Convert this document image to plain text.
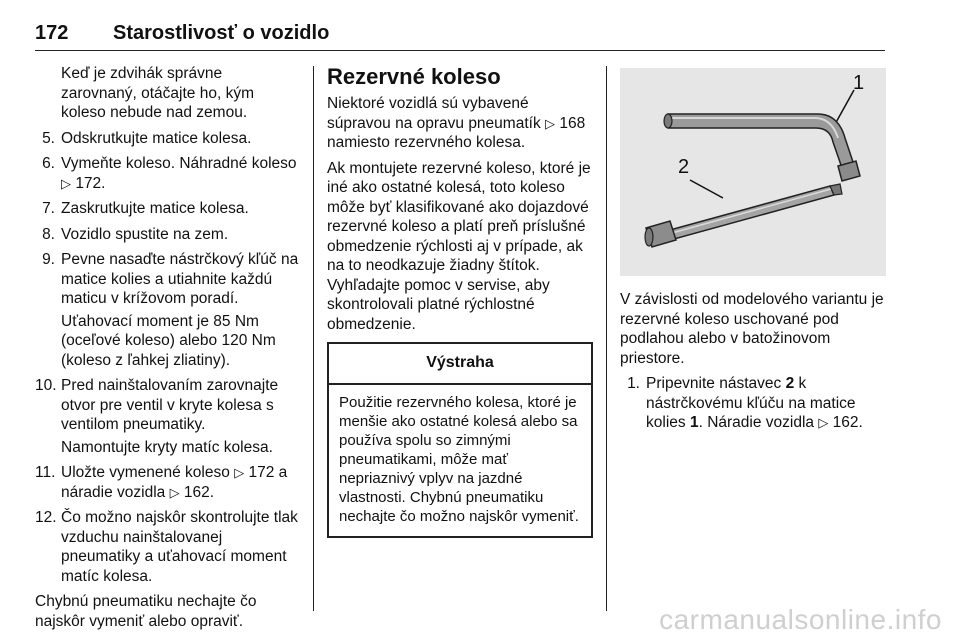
172 Starostlivosť o vozidlo

Keď je zdvihák správne zarovnaný, otáčajte ho, kým koleso nebude nad zemou.

5. Odskrutkujte matice kolesa.
6. Vymeňte koleso. Náhradné koleso ▷ 172.
7. Zaskrutkujte matice kolesa.
8. Vozidlo spustite na zem.
9. Pevne nasaďte nástrčkový kľúč na matice kolies a utiahnite každú maticu v krížovom poradí.
Uťahovací moment je 85 Nm (oceľové koleso) alebo 120 Nm (koleso z ľahkej zliatiny).
10. Pred nainštalovaním zarovnajte otvor pre ventil v kryte kolesa s ventilom pneumatiky.
Namontujte kryty matíc kolesa.
11. Uložte vymenené koleso ▷ 172 a náradie vozidla ▷ 162.
12. Čo možno najskôr skontrolujte tlak vzduchu nainštalovanej pneumatiky a uťahovací moment matíc kolesa.

Chybnú pneumatiku nechajte čo najskôr vymeniť alebo opraviť.

Rezervné koleso

Niektoré vozidlá sú vybavené súpravou na opravu pneumatík ▷ 168 namiesto rezervného kolesa.

Ak montujete rezervné koleso, ktoré je iné ako ostatné kolesá, toto koleso môže byť klasifikované ako dojazdové rezervné koleso a platí preň príslušné obmedzenie rýchlosti aj v prípade, ak na to neodkazuje žiadny štítok. Vyhľadajte pomoc v servise, aby skontrolovali platné rýchlostné obmedzenie.

Výstraha
Použitie rezervného kolesa, ktoré je menšie ako ostatné kolesá alebo sa používa spolu so zimnými pneumatikami, môže mať nepriaznivý vplyv na jazdné vlastnosti. Chybnú pneumatiku nechajte čo možno najskôr vymeniť.
1
2

V závislosti od modelového variantu je rezervné koleso uschované pod podlahou alebo v batožinovom priestore.

1. Pripevnite nástavec 2 k nástrčkovému kľúču na matice kolies 1. Náradie vozidla ▷ 162.
carmanualsonline.info
